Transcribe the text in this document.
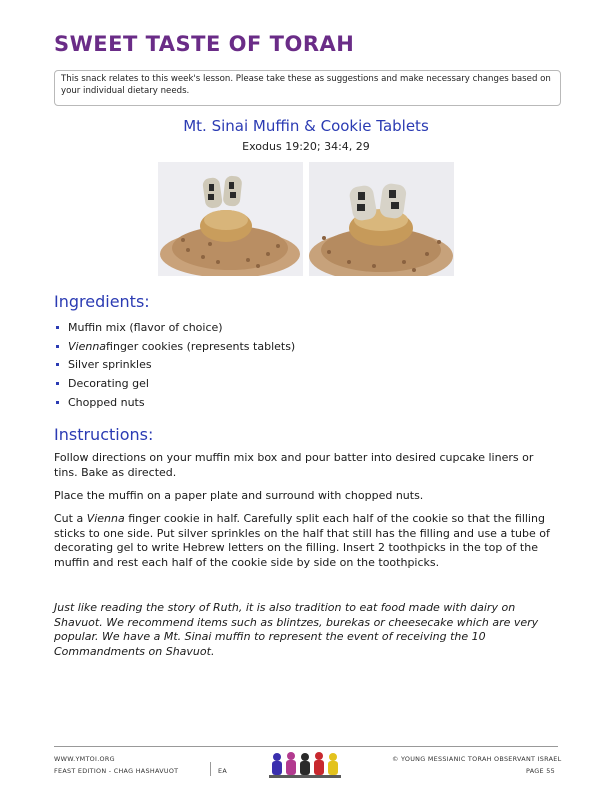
SWEET TASTE OF TORAH
This snack relates to this week's lesson. Please take these as suggestions and make necessary changes based on your individual dietary needs.
Mt. Sinai Muffin & Cookie Tablets
Exodus 19:20; 34:4, 29
Ingredients:
Muffin mix (flavor of choice)
Vienna finger cookies (represents tablets)
Silver sprinkles
Decorating gel
Chopped nuts
Instructions:
Follow directions on your muffin mix box and pour batter into desired cupcake liners or tins. Bake as directed.
Place the muffin on a paper plate and surround with chopped nuts.
Cut a Vienna finger cookie in half. Carefully split each half of the cookie so that the filling sticks to one side. Put silver sprinkles on the half that still has the filling and use a tube of decorating gel to write Hebrew letters on the filling. Insert 2 toothpicks in the top of the muffin and rest each half of the cookie side by side on the toothpicks.
Just like reading the story of Ruth, it is also tradition to eat food made with dairy on Shavuot. We recommend items such as blintzes, burekas or cheesecake which are very popular. We have a Mt. Sinai muffin to represent the event of receiving the 10 Commandments on Shavuot.
WWW.YMTOI.ORG
FEAST EDITION - CHAG HASHAVUOT	EA
© YOUNG MESSIANIC TORAH OBSERVANT ISRAEL
PAGE 55
